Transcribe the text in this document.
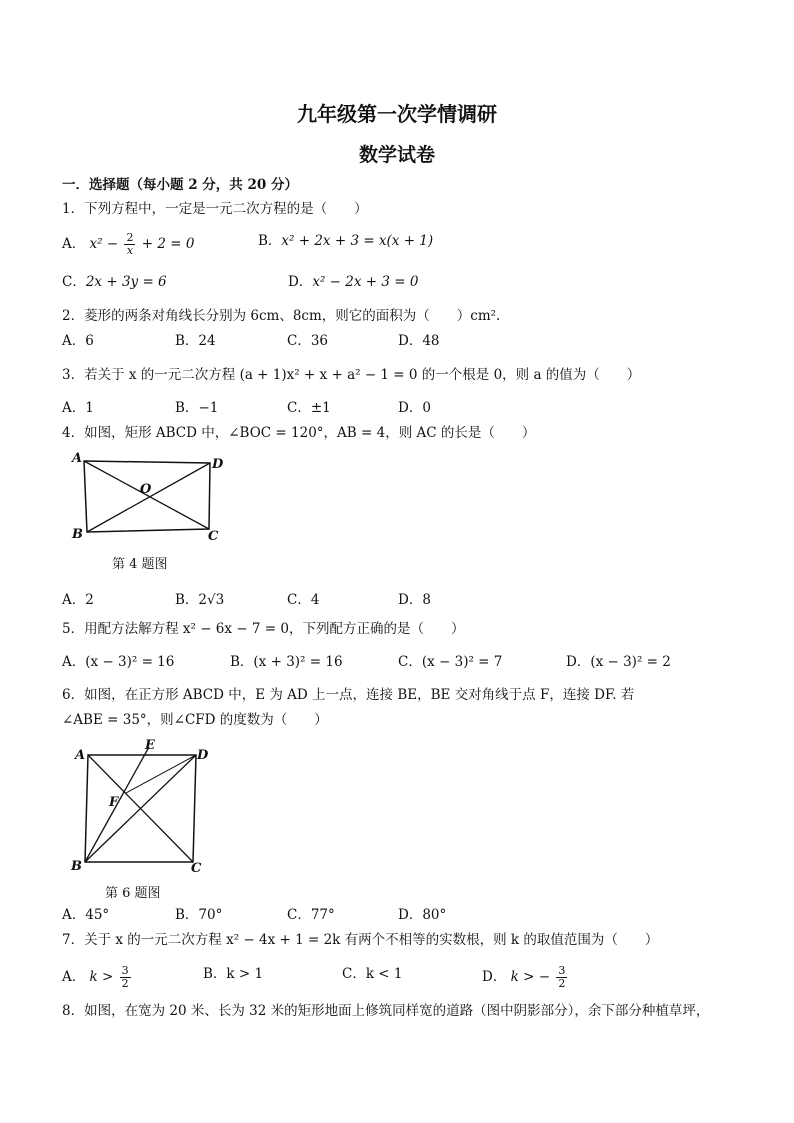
九年级第一次学情调研
数学试卷
一．选择题（每小题 2 分，共 20 分）
1．下列方程中，一定是一元二次方程的是（　　）
A． $x^2 - \frac{2}{x} + 2 = 0$	B．x² + 2x + 3 = x(x + 1)
C．2x + 3y = 6	D．x² − 2x + 3 = 0
2．菱形的两条对角线长分别为 6cm、8cm，则它的面积为（　　）cm².
A．6	B．24	C．36	D．48
3．若关于 x 的一元二次方程 (a + 1)x² + x + a² − 1 = 0 的一个根是 0，则 a 的值为（　　）
A．1	B．−1	C．±1	D．0
4．如图，矩形 ABCD 中，∠BOC = 120°，AB = 4，则 AC 的长是（　　）
A	D
O
B	C
第 4 题图
A．2	B．2√3	C．4	D．8
5．用配方法解方程 x² − 6x − 7 = 0，下列配方正确的是（　　）
A．(x − 3)² = 16	B．(x + 3)² = 16	C．(x − 3)² = 7	D．(x − 3)² = 2
6．如图，在正方形 ABCD 中，E 为 AD 上一点，连接 BE，BE 交对角线于点 F，连接 DF. 若
∠ABE = 35°，则∠CFD 的度数为（　　）
E
A	D
F
B	C
第 6 题图
A．45°	B．70°	C．77°	D．80°
7．关于 x 的一元二次方程 x² − 4x + 1 = 2k 有两个不相等的实数根，则 k 的取值范围为（　　）
A． $k > \frac{3}{2}$	B．k > 1	C．k < 1	D． k > − $\frac{3}{2}$
8．如图，在宽为 20 米、长为 32 米的矩形地面上修筑同样宽的道路（图中阴影部分），余下部分种植草坪，
